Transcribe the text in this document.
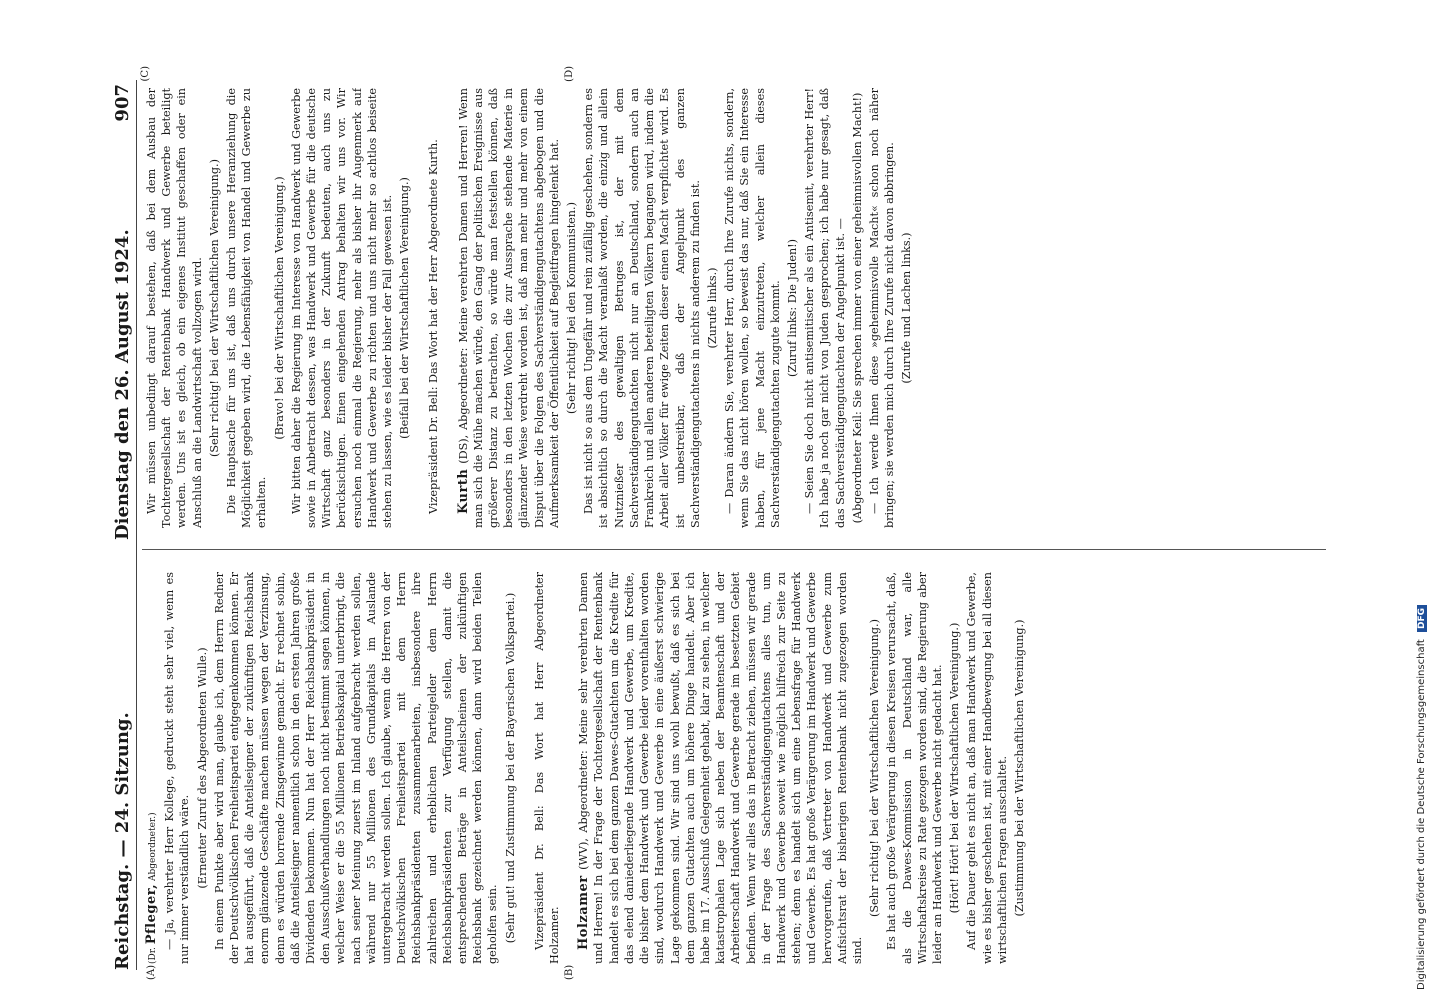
Reichstag. — 24. Sitzung.
Dienstag den 26. August 1924.
907
(A)	(B)
(C)	(D)

(Dr. Pfleger, Abgeordneter.) — Ja, verehrter Herr Kollege, gedruckt steht sehr viel, wenn es nur immer verständlich wäre. (Erneuter Zuruf des Abgeordneten Wulle.) In einem Punkte aber wird man, glaube ich, dem Herrn Redner der Deutschvölkischen Freiheitspartei entgegenkommen können. Er hat ausgeführt, daß die Anteilseigner der zukünftigen Reichsbank enorm glänzende Geschäfte machen müssen wegen der Verzinsung, denn es würden horrende Zinsgewinne gemacht. Er rechnet sohin, daß die Anteilseigner namentlich schon in den ersten Jahren große Dividenden bekommen. Nun hat der Herr Reichsbankpräsident in den Ausschußverhandlungen noch nicht bestimmt sagen können, in welcher Weise er die 55 Millionen Betriebskapital unterbringt, die nach seiner Meinung zuerst im Inland aufgebracht werden sollen, während nur 55 Millionen des Grundkapitals im Auslande untergebracht werden sollen. Ich glaube, wenn die Herren von der Deutschvölkischen Freiheitspartei mit dem Herrn Reichsbankpräsidenten zusammenarbeiten, insbesondere ihre zahlreichen und erheblichen Parteigelder dem Herrn Reichsbankpräsidenten zur Verfügung stellen, damit die entsprechenden Beträge in Anteilscheinen der zukünftigen Reichsbank gezeichnet werden können, dann wird beiden Teilen geholfen sein. (Sehr gut! und Zustimmung bei der Bayerischen Volkspartei.) Vizepräsident Dr. Bell: Das Wort hat Herr Abgeordneter Holzamer. Holzamer (WV), Abgeordneter: Meine sehr verehrten Damen und Herren! In der Frage der Tochtergesellschaft der Rentenbank handelt es sich bei dem ganzen Dawes-Gutachten um die Kredite für das elend daniederliegende Handwerk und Gewerbe, um Kredite, die bisher dem Handwerk und Gewerbe leider vorenthalten worden sind, wodurch Handwerk und Gewerbe in eine äußerst schwierige Lage gekommen sind. Wir sind uns wohl bewußt, daß es sich bei dem ganzen Gutachten auch um höhere Dinge handelt. Aber ich habe im 17. Ausschuß Gelegenheit gehabt, klar zu sehen, in welcher katastrophalen Lage sich neben der Beamtenschaft und der Arbeiterschaft Handwerk und Gewerbe gerade im besetzten Gebiet befinden. Wenn wir alles das in Betracht ziehen, müssen wir gerade in der Frage des Sachverständigengutachtens alles tun, um Handwerk und Gewerbe soweit wie möglich hilfreich zur Seite zu stehen; denn es handelt sich um eine Lebensfrage für Handwerk und Gewerbe. Es hat große Verärgerung im Handwerk und Gewerbe hervorgerufen, daß Vertreter von Handwerk und Gewerbe zum Aufsichtsrat der bisherigen Rentenbank nicht zugezogen worden sind.

(Sehr richtig! bei der Wirtschaftlichen Vereinigung.) Es hat auch große Verärgerung in diesen Kreisen verursacht, daß, als die Dawes-Kommission in Deutschland war, alle Wirtschaftskreise zu Rate gezogen worden sind, die Regierung aber leider an Handwerk und Gewerbe nicht gedacht hat. (Hört! Hört! bei der Wirtschaftlichen Vereinigung.) Auf die Dauer geht es nicht an, daß man Handwerk und Gewerbe, wie es bisher geschehen ist, mit einer Handbewegung bei all diesen wirtschaftlichen Fragen ausschaltet. (Zustimmung bei der Wirtschaftlichen Vereinigung.)

Wir müssen unbedingt darauf bestehen, daß bei dem Ausbau der Tochtergesellschaft der Rentenbank Handwerk und Gewerbe beteiligt werden. Uns ist es gleich, ob ein eigenes Institut geschaffen oder ein Anschluß an die Landwirtschaft vollzogen wird. (Sehr richtig! bei der Wirtschaftlichen Vereinigung.) Die Hauptsache für uns ist, daß uns durch unsere Heranziehung die Möglichkeit gegeben wird, die Lebensfähigkeit von Handel und Gewerbe zu erhalten.

(Bravo! bei der Wirtschaftlichen Vereinigung.) Wir bitten daher die Regierung im Interesse von Handwerk und Gewerbe sowie in Anbetracht dessen, was Handwerk und Gewerbe für die deutsche Wirtschaft ganz besonders in der Zukunft bedeuten, auch uns zu berücksichtigen. Einen eingehenden Antrag behalten wir uns vor. Wir ersuchen noch einmal die Regierung, mehr als bisher ihr Augenmerk auf Handwerk und Gewerbe zu richten und uns nicht mehr so achtlos beiseite stehen zu lassen, wie es leider bisher der Fall gewesen ist. (Beifall bei der Wirtschaftlichen Vereinigung.) Vizepräsident Dr. Bell: Das Wort hat der Herr Abgeordnete Kurth. Kurth (DS), Abgeordneter: Meine verehrten Damen und Herren! Wenn man sich die Mühe machen würde, den Gang der politischen Ereignisse aus größerer Distanz zu betrachten, so würde man feststellen können, daß besonders in den letzten Wochen die zur Aussprache stehende Materie in glänzender Weise verdreht worden ist, daß man mehr und mehr von einem Disput über die Folgen des Sachverständigengutachtens abgebogen und die Aufmerksamkeit der Öffentlichkeit auf Begleitfragen hingelenkt hat. (Sehr richtig! bei den Kommunisten.) Das ist nicht so aus dem Ungefähr und rein zufällig geschehen, sondern es ist absichtlich so durch die Macht veranlaßt worden, die einzig und allein Nutznießer des gewaltigen Betruges ist, der mit dem Sachverständigengutachten nicht nur an Deutschland, sondern auch an Frankreich und allen anderen beteiligten Völkern begangen wird, indem die Arbeit aller Völker für ewige Zeiten dieser einen Macht verpflichtet wird. Es ist unbestreitbar, daß der Angelpunkt des ganzen Sachverständigengutachtens in nichts anderem zu finden ist. (Zurufe links.) — Daran ändern Sie, verehrter Herr, durch Ihre Zurufe nichts, sondern, wenn Sie das nicht hören wollen, so beweist das nur, daß Sie ein Interesse haben, für jene Macht einzutreten, welcher allein dieses Sachverständigengutachten zugute kommt. (Zuruf links: Die Juden!) — Seien Sie doch nicht antisemitischer als ein Antisemit, verehrter Herr! Ich habe ja noch gar nicht von Juden gesprochen; ich habe nur gesagt, daß das Sachverständigengutachten der Angelpunkt ist. — (Abgeordneter Keil: Sie sprechen immer von einer geheimnisvollen Macht!) — Ich werde Ihnen diese »geheimnisvolle Macht« schon noch näher bringen; sie werden mich durch Ihre Zurufe nicht davon abbringen. (Zurufe und Lachen links.)

Digitalisierung gefördert durch die Deutsche Forschungsgemeinschaft DFG
